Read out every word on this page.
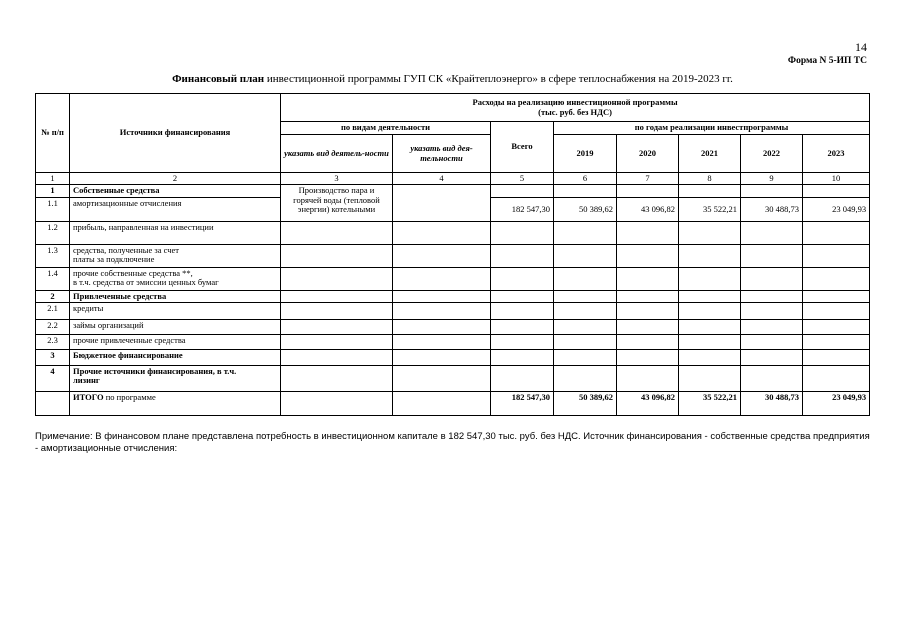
14
Форма N 5-ИП ТС
Финансовый план инвестиционной программы ГУП СК «Крайтеплоэнерго» в сфере теплоснабжения на 2019-2023 гг.
№ п/п	Источники финансирования	Расходы на реализацию инвестиционной программы
(тыс. руб. без НДС)							
		по видам деятельности		Всего	по годам реализации инвестпрограммы				
		указать вид деятель-ности	указать вид дея-тельности		2019	2020	2021	2022	2023
1	2	3	4	5	6	7	8	9	10
1	Собственные средства	Производство пара и горячей воды (тепловой энергии) котельными							
1.1	амортизационные отчисления			182 547,30	50 389,62	43 096,82	35 522,21	30 488,73	23 049,93
1.2	прибыль, направленная на инвестиции								
1.3	средства, полученные за счет
платы за подключение								
1.4	прочие собственные средства **,
в т.ч. средства от эмиссии ценных бумаг								
2	Привлеченные средства								
2.1	кредиты								
2.2	займы организаций								
2.3	прочие привлеченные средства								
3	Бюджетное финансирование								
4	Прочие источники финансирования, в т.ч.
лизинг								
	ИТОГО по программе			182 547,30	50 389,62	43 096,82	35 522,21	30 488,73	23 049,93
Примечание: В финансовом плане представлена потребность в инвестиционном капитале в 182 547,30 тыс. руб. без НДС. Источник финансирования - собственные средства предприятия - амортизационные отчисления:
